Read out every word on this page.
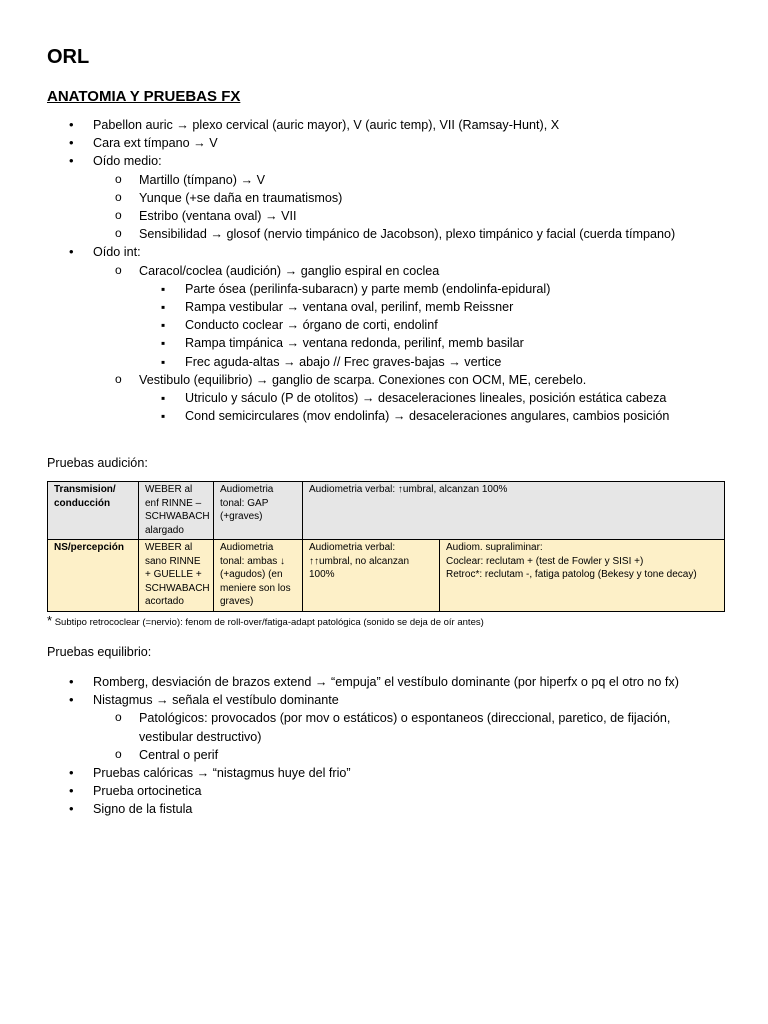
ORL
ANATOMIA Y PRUEBAS FX
• Pabellon auric → plexo cervical (auric mayor), V (auric temp), VII (Ramsay-Hunt), X
• Cara ext tímpano → V
• Oído medio:
o Martillo (tímpano) → V
o Yunque (+se daña en traumatismos)
o Estribo (ventana oval) → VII
o Sensibilidad → glosof (nervio timpánico de Jacobson), plexo timpánico y facial (cuerda tímpano)
• Oído int:
o Caracol/coclea (audición) → ganglio espiral en coclea
▪ Parte ósea (perilinfa-subaracn) y parte memb (endolinfa-epidural)
▪ Rampa vestibular → ventana oval, perilinf, memb Reissner
▪ Conducto coclear → órgano de corti, endolinf
▪ Rampa timpánica → ventana redonda, perilinf, memb basilar
▪ Frec aguda-altas → abajo // Frec graves-bajas → vertice
o Vestibulo (equilibrio) → ganglio de scarpa. Conexiones con OCM, ME, cerebelo.
▪ Utriculo y sáculo (P de otolitos) → desaceleraciones lineales, posición estática cabeza
▪ Cond semicirculares (mov endolinfa) → desaceleraciones angulares, cambios posición

Pruebas audición:

Transmision/ conducción	WEBER al enf RINNE – SCHWABACH alargado	Audiometria tonal: GAP (+graves)	Audiometria verbal: ↑umbral, alcanzan 100%	
NS/percepción	WEBER al sano RINNE + GUELLE + SCHWABACH acortado	Audiometria tonal: ambas ↓ (+agudos) (en meniere son los graves)	Audiometria verbal: ↑↑umbral, no alcanzan 100%	Audiom. supraliminar:
Coclear: reclutam + (test de Fowler y SISI +)
Retroc*: reclutam -, fatiga patolog (Bekesy y tone decay)

* Subtipo retrococlear (=nervio): fenom de roll-over/fatiga-adapt patológica (sonido se deja de oír antes)

Pruebas equilibrio:

• Romberg, desviación de brazos extend → “empuja” el vestíbulo dominante (por hiperfx o pq el otro no fx)
• Nistagmus → señala el vestíbulo dominante
o Patológicos: provocados (por mov o estáticos) o espontaneos (direccional, paretico, de fijación, vestibular destructivo)
o Central o perif
• Pruebas calóricas → “nistagmus huye del frio”
• Prueba ortocinetica
• Signo de la fistula
